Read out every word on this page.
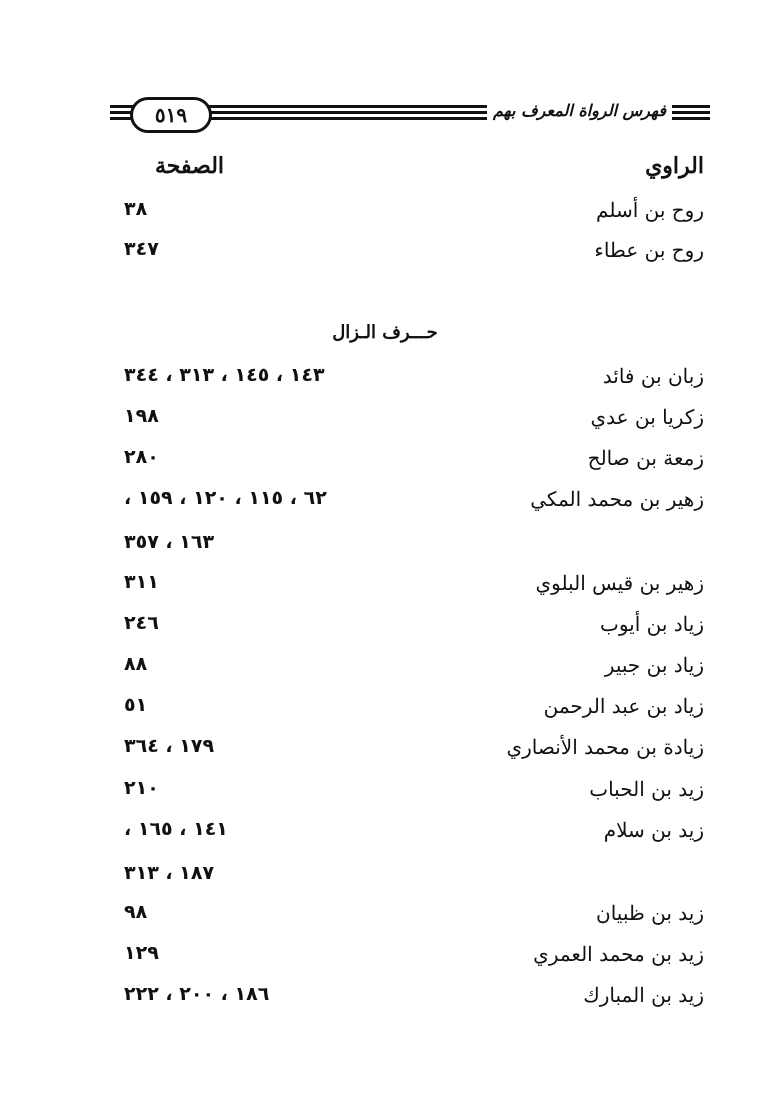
٥١٩	فهرس الرواة المعرف بهم
الراوي
الصفحة
روح بن أسلم
٣٨
روح بن عطاء
٣٤٧
حـــرف الـزال
زبان بن فائد
١٤٣ ، ١٤٥ ، ٣١٣ ، ٣٤٤
زكريا بن عدي
١٩٨
زمعة بن صالح
٢٨٠
زهير بن محمد المكي
٦٢ ، ١١٥ ، ١٢٠ ، ١٥٩ ،
١٦٣ ، ٣٥٧
زهير بن قيس البلوي
٣١١
زياد بن أيوب
٢٤٦
زياد بن جبير
٨٨
زياد بن عبد الرحمن
٥١
زيادة بن محمد الأنصاري
١٧٩ ، ٣٦٤
زيد بن الحباب
٢١٠
زيد بن سلام
١٤١ ، ١٦٥ ،
١٨٧ ، ٣١٣
زيد بن ظبيان
٩٨
زيد بن محمد العمري
١٢٩
زيد بن المبارك
١٨٦ ، ٢٠٠ ، ٢٢٢
